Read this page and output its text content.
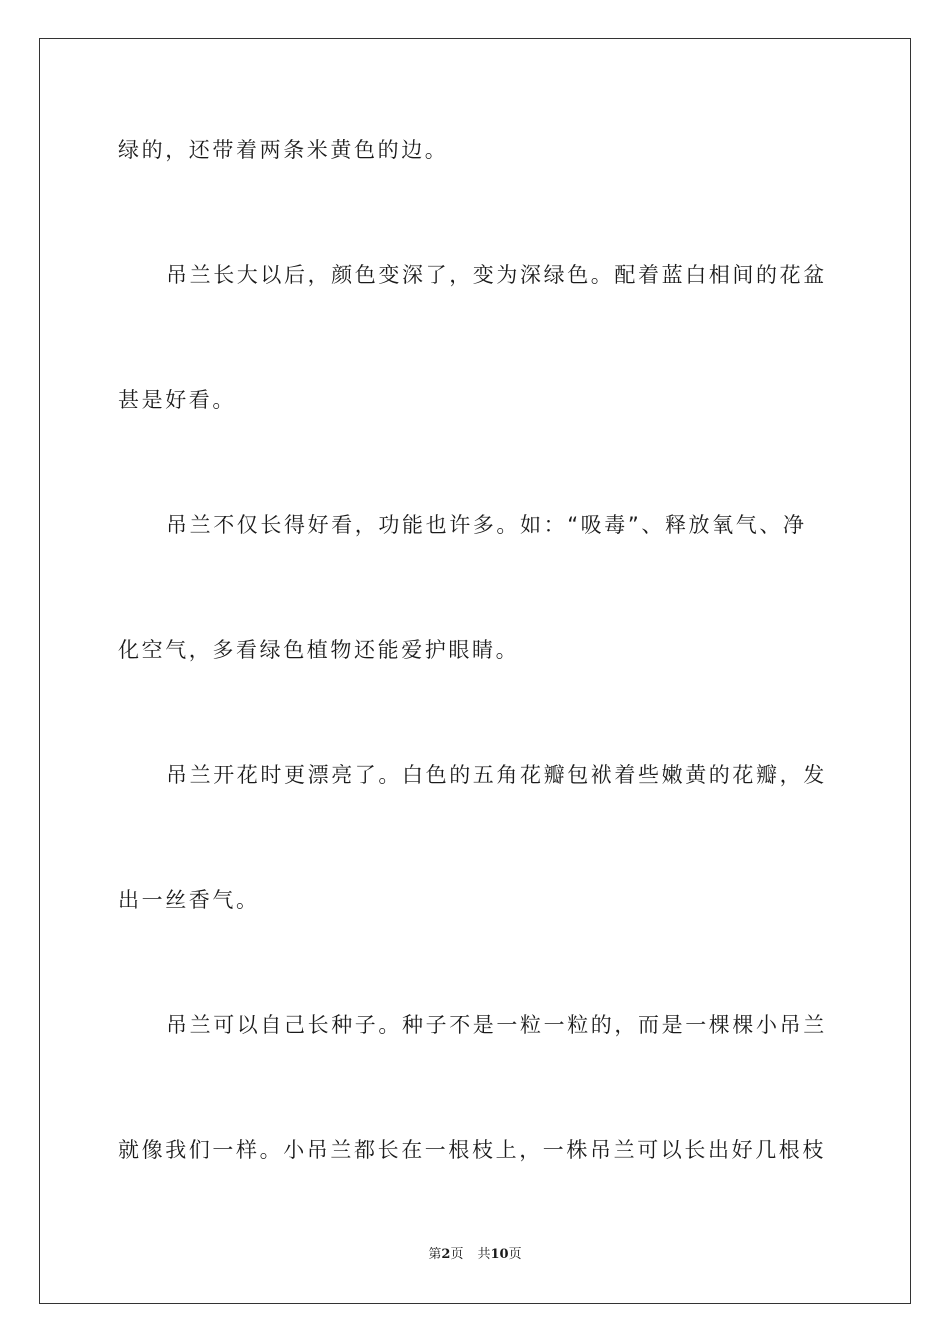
绿的，还带着两条米黄色的边。
吊兰长大以后，颜色变深了，变为深绿色。配着蓝白相间的花盆
甚是好看。
吊兰不仅长得好看，功能也许多。如：“吸毒”、释放氧气、净
化空气，多看绿色植物还能爱护眼睛。
吊兰开花时更漂亮了。白色的五角花瓣包袱着些嫩黄的花瓣，发
出一丝香气。
吊兰可以自己长种子。种子不是一粒一粒的，而是一棵棵小吊兰
就像我们一样。小吊兰都长在一根枝上，一株吊兰可以长出好几根枝
第2页 共10页
